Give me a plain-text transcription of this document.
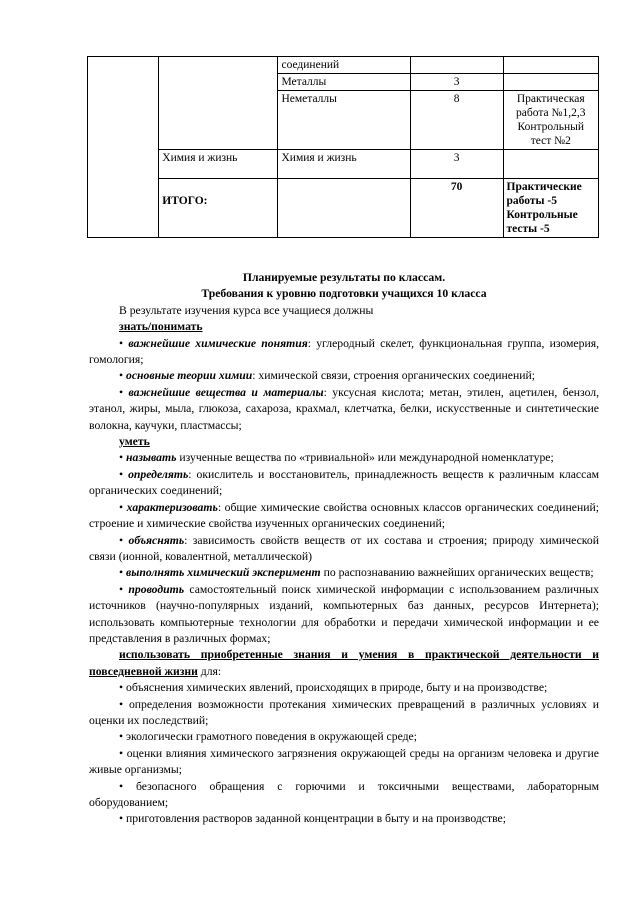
		соединений		
		Металлы	3	
		Неметаллы	8	Практическая
работа №1,2,3
Контрольный
тест №2

	Химия и жизнь	Химия и жизнь	3	

	ИТОГО:		70	Практические
работы -5
Контрольные
тесты -5

Планируемые результаты по классам.

Требования к уровню подготовки учащихся 10 класса

В результате изучения курса все учащиеся должны

знать/понимать

• важнейшие химические понятия: углеродный скелет, функциональная группа, изомерия, гомология;

• основные теории химии: химической связи, строения органических соединений;

• важнейшие вещества и материалы: уксусная кислота; метан, этилен, ацетилен, бензол, этанол, жиры, мыла, глюкоза, сахароза, крахмал, клетчатка, белки, искусственные и синтетические волокна, каучуки, пластмассы;

уметь

• называть изученные вещества по «тривиальной» или международной номенклатуре;

• определять: окислитель и восстановитель, принадлежность веществ к различным классам органических соединений;

• характеризовать: общие химические свойства основных классов органических соединений; строение и химические свойства изученных органических соединений;

• объяснять: зависимость свойств веществ от их состава и строения; природу химической связи (ионной, ковалентной, металлической)

• выполнять химический эксперимент по распознаванию важнейших органических веществ;

• проводить самостоятельный поиск химической информации с использованием различных источников (научно-популярных изданий, компьютерных баз данных, ресурсов Интернета); использовать компьютерные технологии для обработки и передачи химической информации и ее представления в различных формах;

использовать приобретенные знания и умения в практической деятельности и повседневной жизни для:

• объяснения химических явлений, происходящих в природе, быту и на производстве;

• определения возможности протекания химических превращений в различных условиях и оценки их последствий;

• экологически грамотного поведения в окружающей среде;

• оценки влияния химического загрязнения окружающей среды на организм человека и другие живые организмы;

• безопасного обращения с горючими и токсичными веществами, лабораторным оборудованием;

• приготовления растворов заданной концентрации в быту и на производстве;
